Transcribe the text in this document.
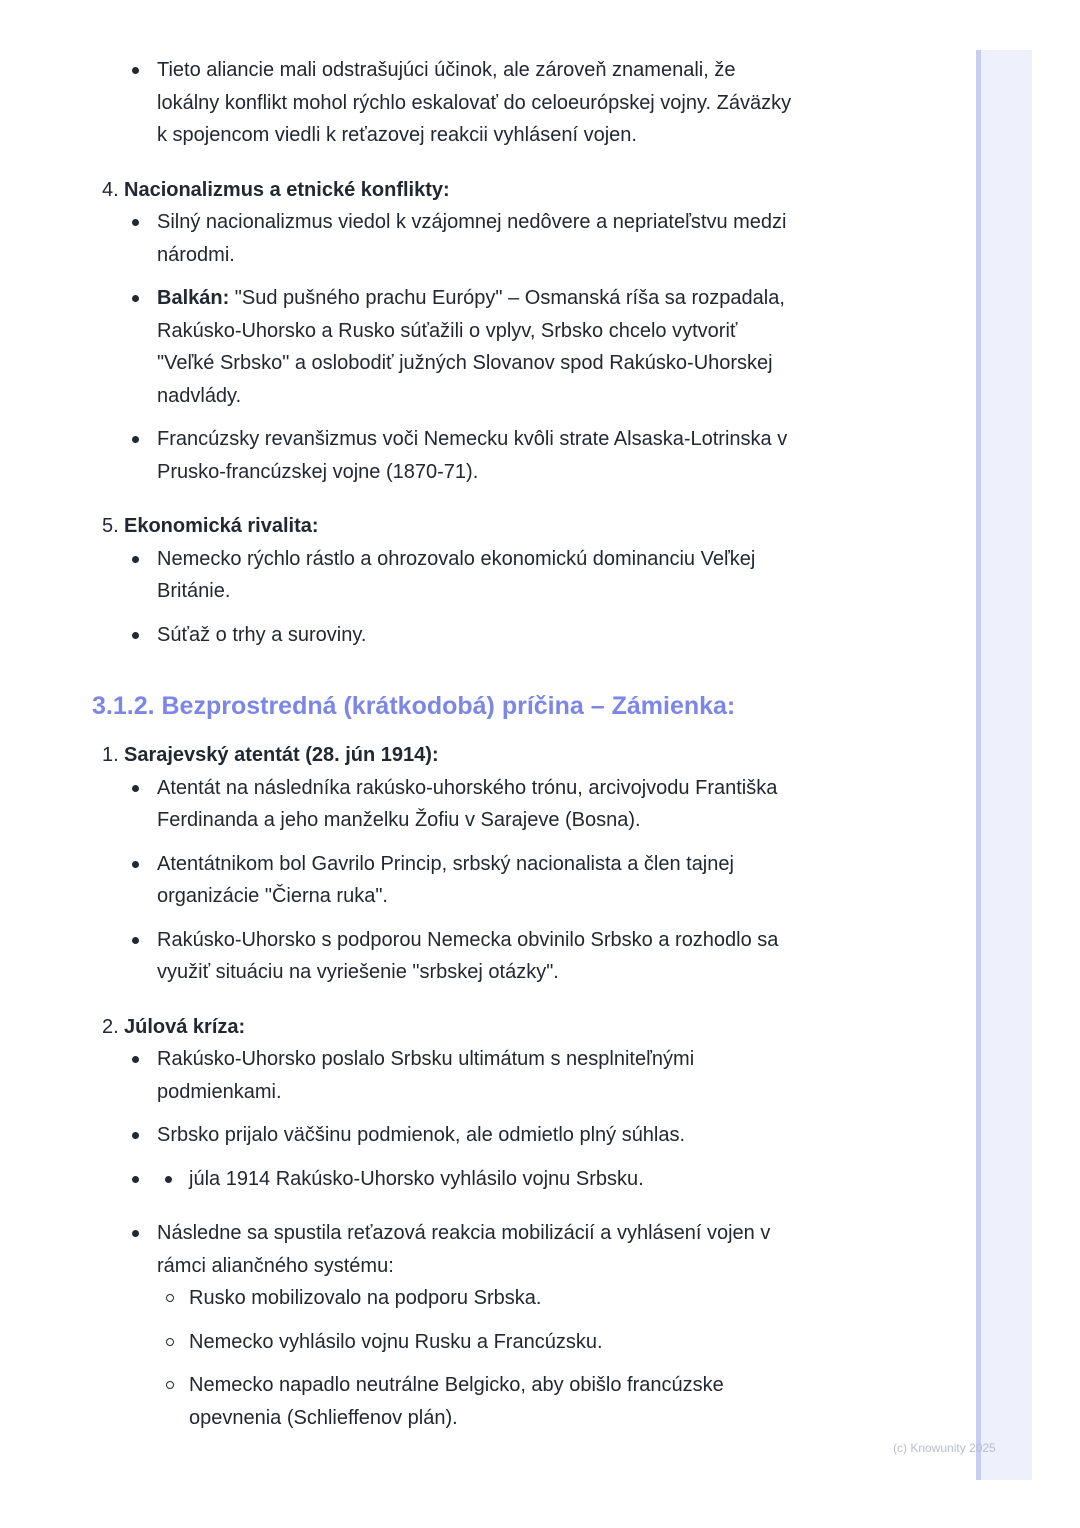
(c) Knowunity 2025
Tieto aliancie mali odstrašujúci účinok, ale zároveň znamenali, že
lokálny konflikt mohol rýchlo eskalovať do celoeurópskej vojny. Záväzky
k spojencom viedli k reťazovej reakcii vyhlásení vojen.
4. Nacionalizmus a etnické konflikty:
Silný nacionalizmus viedol k vzájomnej nedôvere a nepriateľstvu medzi
národmi.
Balkán: "Sud pušného prachu Európy" – Osmanská ríša sa rozpadala,
Rakúsko-Uhorsko a Rusko súťažili o vplyv, Srbsko chcelo vytvoriť
"Veľké Srbsko" a oslobodiť južných Slovanov spod Rakúsko-Uhorskej
nadvlády.
Francúzsky revanšizmus voči Nemecku kvôli strate Alsaska-Lotrinska v
Prusko-francúzskej vojne (1870-71).
5. Ekonomická rivalita:
Nemecko rýchlo rástlo a ohrozovalo ekonomickú dominanciu Veľkej
Británie.
Súťaž o trhy a suroviny.
3.1.2. Bezprostredná (krátkodobá) príčina – Zámienka:
1. Sarajevský atentát (28. jún 1914):
Atentát na následníka rakúsko-uhorského trónu, arcivojvodu Františka
Ferdinanda a jeho manželku Žofiu v Sarajeve (Bosna).
Atentátnikom bol Gavrilo Princip, srbský nacionalista a člen tajnej
organizácie "Čierna ruka".
Rakúsko-Uhorsko s podporou Nemecka obvinilo Srbsko a rozhodlo sa
využiť situáciu na vyriešenie "srbskej otázky".
2. Júlová kríza:
Rakúsko-Uhorsko poslalo Srbsku ultimátum s nesplniteľnými
podmienkami.
Srbsko prijalo väčšinu podmienok, ale odmietlo plný súhlas.
júla 1914 Rakúsko-Uhorsko vyhlásilo vojnu Srbsku.
Následne sa spustila reťazová reakcia mobilizácií a vyhlásení vojen v
rámci aliančného systému:
Rusko mobilizovalo na podporu Srbska.
Nemecko vyhlásilo vojnu Rusku a Francúzsku.
Nemecko napadlo neutrálne Belgicko, aby obišlo francúzske
opevnenia (Schlieffenov plán).
